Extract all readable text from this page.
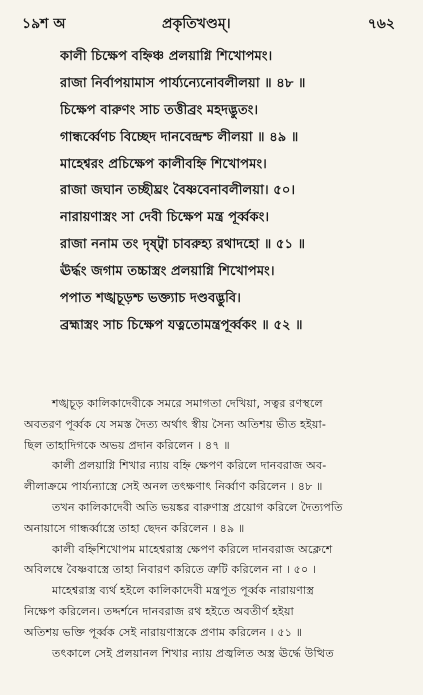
১৯শ অ	প্রকৃতিখণ্ডম্।	৭৬২
কালী চিক্ষেপ বহ্নিঞ্চ প্রলয়াগ্নি শিখোপমং।
রাজা নির্বাপয়ামাস পার্য্যন্যেনোবলীলয়া ॥ ৪৮ ॥
চিক্ষেপ বারুণং সাচ তত্তীব্রং মহদদ্ভুতং।
গান্ধর্ব্বেণচ বিচ্ছেদ দানবেন্দ্রশ্চ লীলয়া ॥ ৪৯ ॥
মাহেশ্বরং প্রচিক্ষেপ কালীবহ্নি শিখোপমং।
রাজা জঘান তচ্ছীঘ্রং বৈষ্ণবেনাবলীলয়া। ৫০।
নারায়ণাস্ত্রং সা দেবী চিক্ষেপ মন্ত্র পূর্ব্বকং।
রাজা ননাম তং দৃষ্ট্বা চাবরুহ্য রথাদহো ॥ ৫১ ॥
ঊর্দ্ধং জগাম তচ্চাস্ত্রং প্রলয়াগ্নি শিখোপমং।
পপাত শঙ্খচূড়শ্চ ভক্ত্যাচ দণ্ডবদ্ভুবি।
ব্রহ্মাস্ত্রং সাচ চিক্ষেপ যত্নতোমন্ত্রপূর্ব্বকং ॥ ৫২ ॥
শঙ্খচূড় কালিকাদেবীকে সমরে সমাগতা দেখিয়া, সত্বর রণস্থলে
অবতরণ পূর্ব্বক যে সমস্ত দৈত্য অর্থাৎ স্বীয় সৈন্য অতিশয় ভীত হইয়া-
ছিল তাহাদিগকে অভয় প্রদান করিলেন । ৪৭ ॥
কালী প্রলয়াগ্নি শিখার ন্যায় বহ্নি ক্ষেপণ করিলে দানবরাজ অব-
লীলাক্রমে পার্য্যন্যাস্ত্রে সেই অনল তৎক্ষণাৎ নির্ব্বাণ করিলেন । ৪৮ ॥
তখন কালিকাদেবী অতি ভয়ঙ্কর বারুণাস্ত্র প্রয়োগ করিলে দৈত্যপতি
অনায়াসে গান্ধর্ব্বাস্ত্রে তাহা ছেদন করিলেন । ৪৯ ॥
কালী বহ্নিশিখোপম মাহেশ্বরাস্ত্র ক্ষেপণ করিলে দানবরাজ অক্লেশে
অবিলম্বে বৈষ্ণবাস্ত্রে তাহা নিবারণ করিতে ত্রুটি করিলেন না । ৫০ ।
মাহেশ্বরাস্ত্র ব্যর্থ হইলে কালিকাদেবী মন্ত্রপূত পূর্ব্বক নারায়ণাস্ত্র
নিক্ষেপ করিলেন। তদ্দর্শনে দানবরাজ রথ হইতে অবতীর্ণ হইয়া
অতিশয় ভক্তি পূর্ব্বক সেই নারায়ণাস্ত্রকে প্রণাম করিলেন । ৫১ ॥
তৎকালে সেই প্রলয়ানল শিখার ন্যায় প্রজ্বলিত অস্ত্র ঊর্দ্ধে উত্থিত
